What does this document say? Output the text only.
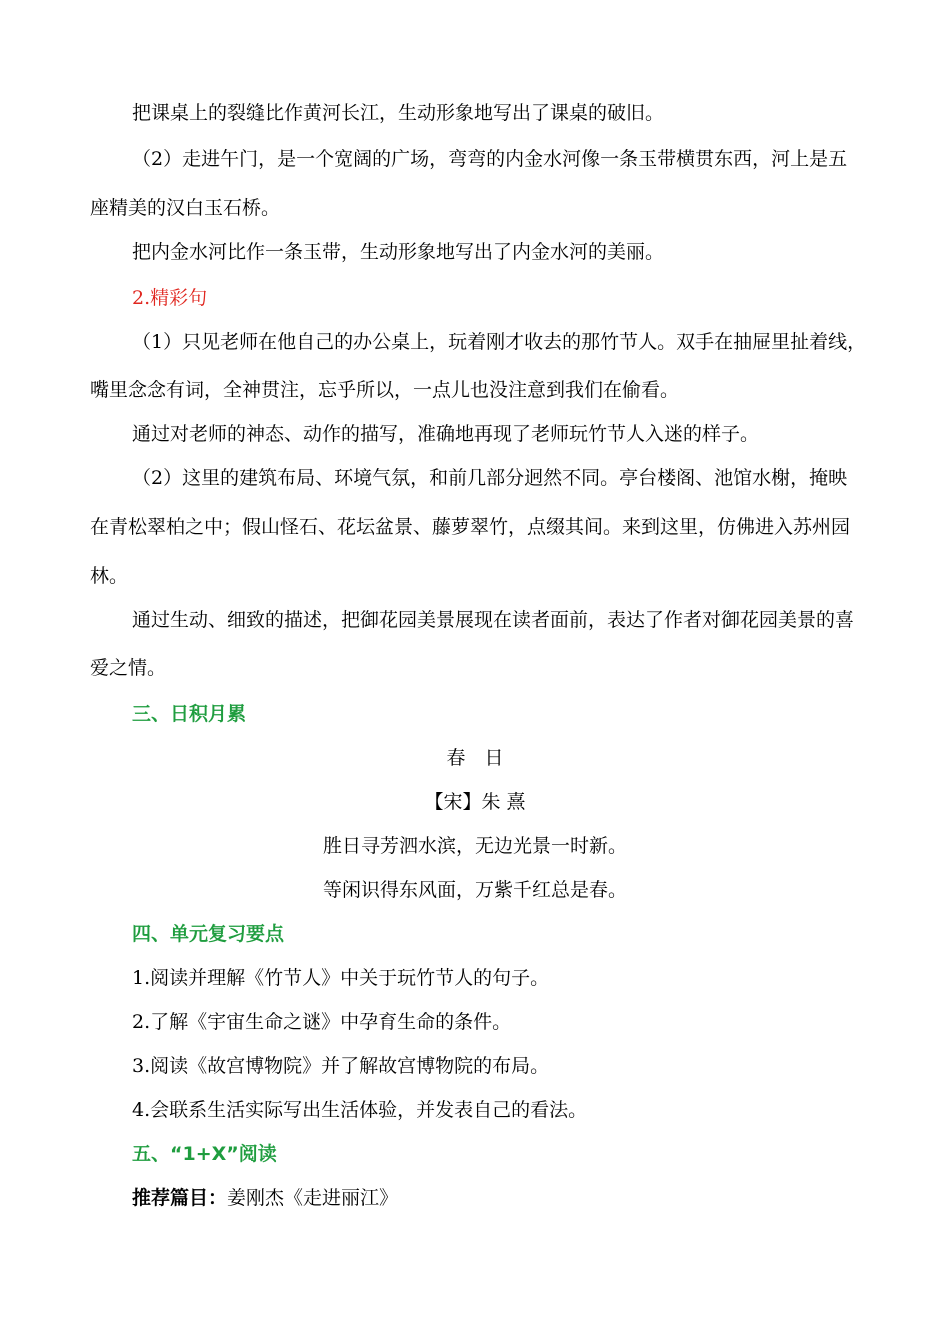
把课桌上的裂缝比作黄河长江，生动形象地写出了课桌的破旧。
（2）走进午门，是一个宽阔的广场，弯弯的内金水河像一条玉带横贯东西，河上是五
座精美的汉白玉石桥。
把内金水河比作一条玉带，生动形象地写出了内金水河的美丽。
2.精彩句
（1）只见老师在他自己的办公桌上，玩着刚才收去的那竹节人。双手在抽屉里扯着线，
嘴里念念有词，全神贯注，忘乎所以，一点儿也没注意到我们在偷看。
通过对老师的神态、动作的描写，准确地再现了老师玩竹节人入迷的样子。
（2）这里的建筑布局、环境气氛，和前几部分迥然不同。亭台楼阁、池馆水榭，掩映
在青松翠柏之中；假山怪石、花坛盆景、藤萝翠竹，点缀其间。来到这里，仿佛进入苏州园
林。
通过生动、细致的描述，把御花园美景展现在读者面前，表达了作者对御花园美景的喜
爱之情。
三、日积月累
春　日
【宋】朱 熹
胜日寻芳泗水滨，无边光景一时新。
等闲识得东风面，万紫千红总是春。
四、单元复习要点
1.阅读并理解《竹节人》中关于玩竹节人的句子。
2.了解《宇宙生命之谜》中孕育生命的条件。
3.阅读《故宫博物院》并了解故宫博物院的布局。
4.会联系生活实际写出生活体验，并发表自己的看法。
五、“1+X”阅读
推荐篇目：姜刚杰《走进丽江》
